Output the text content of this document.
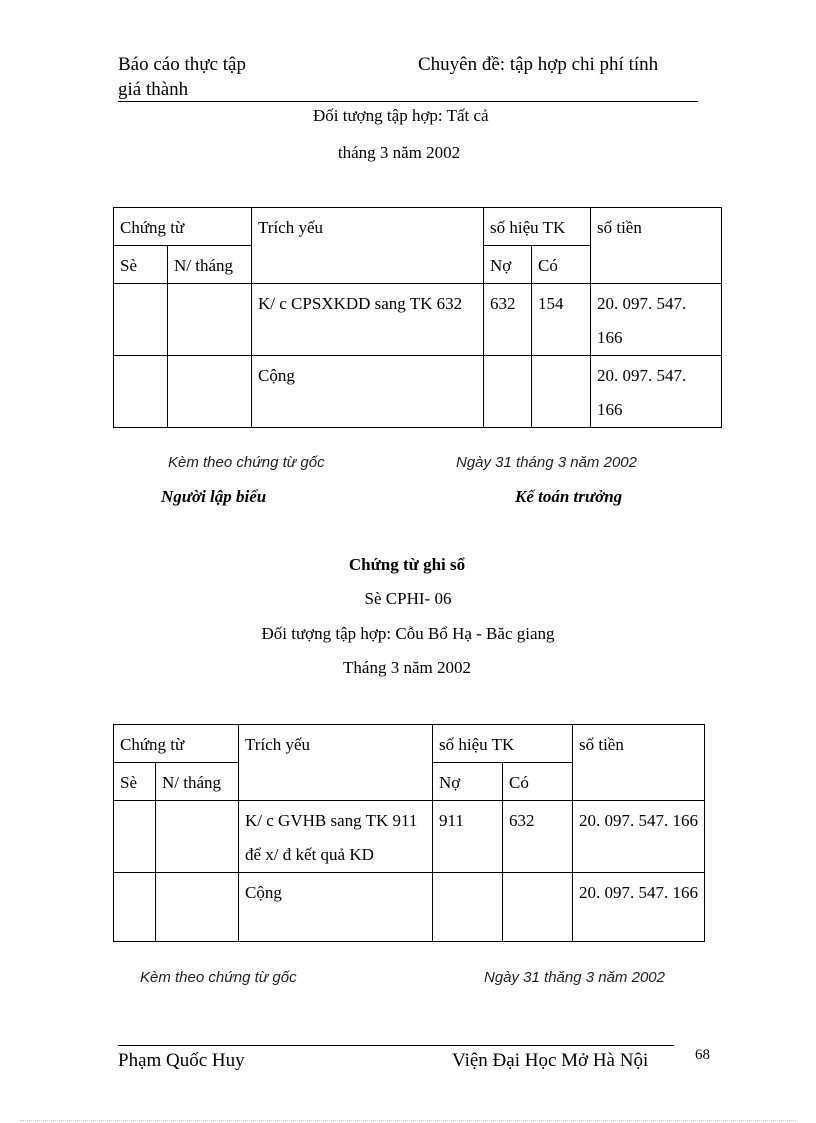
Báo cáo thực tập	Chuyên đề: tập hợp chi phí tính
giá thành
Đối tượng tập hợp: Tất cả
tháng 3 năm 2002
Chứng từ		Trích yếu	số hiệu TK		số tiền
Sè	N/ tháng		Nợ	Có	
		K/ c CPSXKDD sang TK 632	632	154	20. 097. 547. 166
		Cộng			20. 097. 547. 166
Kèm theo chứng từ gốc	Ngày 31 tháng 3 năm 2002
Người lập biểu	Kế toán trưởng
Chứng từ ghi sổ
Sè CPHI- 06
Đối tượng tập hợp: Cỗu Bổ Hạ - Băc giang
Tháng 3 năm 2002
Chứng từ		Trích yếu	số hiệu TK		số tiền
Sè	N/ tháng		Nợ	Có	
		K/ c GVHB sang TK 911 để x/ đ kết quả KD	911	632	20. 097. 547. 166
		Cộng			20. 097. 547. 166
Kèm theo chứng từ gốc	Ngày 31 thăng 3 năm 2002
Phạm Quốc Huy	Viện Đại Học Mở Hà Nội	68
